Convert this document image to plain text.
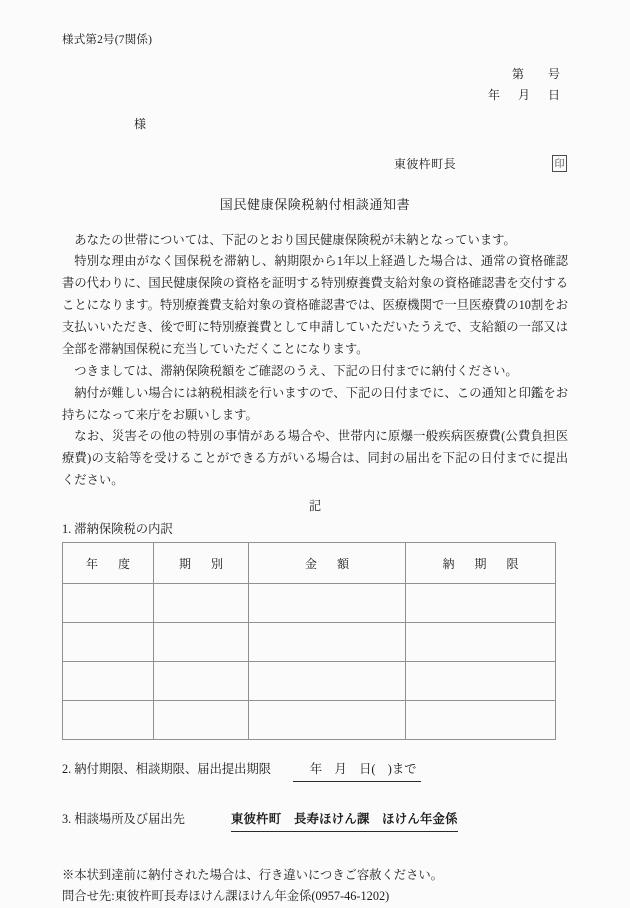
様式第2号(7関係)
第        号
年      月      日
様
東彼杵町長	印
国民健康保険税納付相談通知書

あなたの世帯については、下記のとおり国民健康保険税が未納となっています。

特別な理由がなく国保税を滞納し、納期限から1年以上経過した場合は、通常の資格確認書の代わりに、国民健康保険の資格を証明する特別療養費支給対象の資格確認書を交付することになります。特別療養費支給対象の資格確認書では、医療機関で一旦医療費の10割をお支払いいただき、後で町に特別療養費として申請していただいたうえで、支給額の一部又は全部を滞納国保税に充当していただくことになります。

つきましては、滞納保険税額をご確認のうえ、下記の日付までに納付ください。

納付が難しい場合には納税相談を行いますので、下記の日付までに、この通知と印鑑をお持ちになって来庁をお願いします。

なお、災害その他の特別の事情がある場合や、世帯内に原爆一般疾病医療費(公費負担医療費)の支給等を受けることができる方がいる場合は、同封の届出を下記の日付までに提出ください。

記
1. 滞納保険税の内訳
年　度	期　別	金　額	納　期　限

2. 納付期限、相談期限、届出提出期限	　年　月　日(　)まで
3. 相談場所及び届出先	東彼杵町　長寿ほけん課　ほけん年金係

※本状到達前に納付された場合は、行き違いにつきご容赦ください。

問合せ先:東彼杵町長寿ほけん課ほけん年金係(0957-46-1202)
